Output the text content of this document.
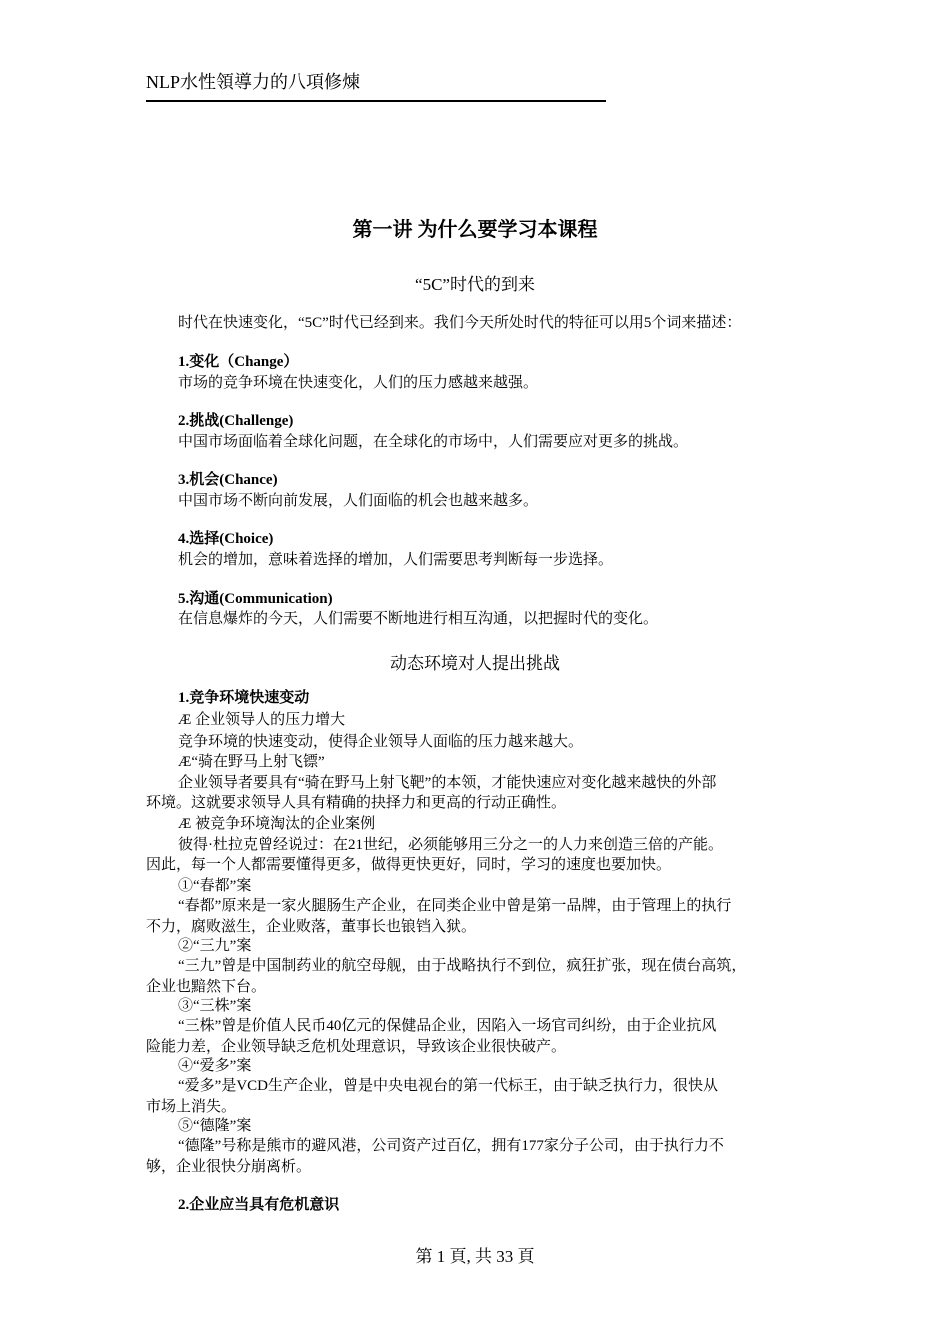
NLP水性領導力的八項修煉
第一讲 为什么要学习本课程
“5C”时代的到来
时代在快速变化，“5C”时代已经到来。我们今天所处时代的特征可以用5个词来描述：
1.变化（Change）
市场的竞争环境在快速变化，人们的压力感越来越强。
2.挑战(Challenge)
中国市场面临着全球化问题，在全球化的市场中，人们需要应对更多的挑战。
3.机会(Chance)
中国市场不断向前发展，人们面临的机会也越来越多。
4.选择(Choice)
机会的增加，意味着选择的增加，人们需要思考判断每一步选择。
5.沟通(Communication)
在信息爆炸的今天，人们需要不断地进行相互沟通，以把握时代的变化。
动态环境对人提出挑战
1.竞争环境快速变动
Æ 企业领导人的压力增大
竞争环境的快速变动，使得企业领导人面临的压力越来越大。
Æ“骑在野马上射飞镖”
企业领导者要具有“骑在野马上射飞靶”的本领，才能快速应对变化越来越快的外部
环境。这就要求领导人具有精确的抉择力和更高的行动正确性。
Æ 被竞争环境淘汰的企业案例
彼得·杜拉克曾经说过：在21世纪，必须能够用三分之一的人力来创造三倍的产能。
因此，每一个人都需要懂得更多，做得更快更好，同时，学习的速度也要加快。
①“春都”案
“春都”原来是一家火腿肠生产企业，在同类企业中曾是第一品牌，由于管理上的执行
不力，腐败滋生，企业败落，董事长也锒铛入狱。
②“三九”案
“三九”曾是中国制药业的航空母舰，由于战略执行不到位，疯狂扩张，现在债台高筑，
企业也黯然下台。
③“三株”案
“三株”曾是价值人民币40亿元的保健品企业，因陷入一场官司纠纷，由于企业抗风
险能力差，企业领导缺乏危机处理意识，导致该企业很快破产。
④“爱多”案
“爱多”是VCD生产企业，曾是中央电视台的第一代标王，由于缺乏执行力，很快从
市场上消失。
⑤“德隆”案
“德隆”号称是熊市的避风港，公司资产过百亿，拥有177家分子公司，由于执行力不
够，企业很快分崩离析。
2.企业应当具有危机意识
第 1 頁, 共 33 頁
